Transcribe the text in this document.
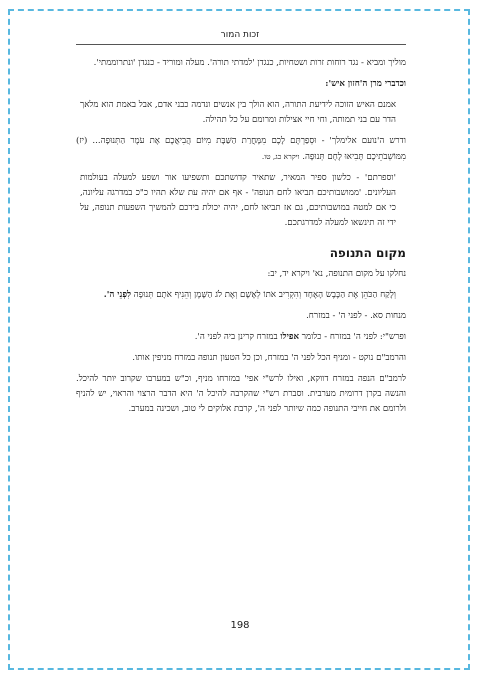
זכות המור

מוליך ומביא - נגד רוחות זרות ושטחיות, כנגדן 'למדתי תורה'. מעלה ומוריד - כנגדן 'ונתרוממתי'.

וכדברי מרן ה'חזון איש':

אמנם האיש הזוכה לידיעת התורה, הוא הולך בין אנשים ונדמה כבני אדם, אבל באמת הוא מלאך הדר עם בני תמותה, וחי חיי אצילות ומרומם על כל תהילה.

ודרש ה'נועם אלימלך' - וּסְפַרְתֶּם לָכֶם מִמָּחֳרַת הַשַּׁבָּת מִיּוֹם הֲבִיאֲכֶם אֶת עֹמֶר הַתְּנוּפָה... (יז) מִמּוֹשְׁבֹתֵיכֶם תָּבִיאוּ לֶחֶם תְּנוּפָה. ויקרא כג, טו.

'וספרתם' - כלשון ספיר המאיר, שתאיר קדושתכם ותשפיעו אור ושפע למעלה בעולמות העליונים. 'ממושבותיכם תביאו לחם תנופה' - אף אם יהיה עת שלא תהיו כ"כ במדרגה עליונה, כי אם למטה במושבותיכם, גם אז תביאו לחם, יהיה יכולת בידכם להמשיך השפעות תנופה, על ידי זה תינשאו למעלה למדרגתכם.

מקום התנופה

נחלקו על מקום התנופה, נא' ויקרא יד, יב:

וְלָקַח הַכֹּהֵן אֶת הַכֶּבֶשׂ הָאֶחָד וְהִקְרִיב אֹתוֹ לְאָשָׁם וְאֶת לֹג הַשָּׁמֶן וְהֵנִיף אֹתָם תְּנוּפָה לִפְנֵי ה'.

מנחות סא. - לפני ה' - במזרח.

ופרש"י: לפני ה' במזרח - כלומר אפילו במזרח קרינן ביה לפני ה'.

והרמב"ם נוקט - ומניף הכל לפני ה' במזרח, וכן כל הטעון תנופה במזרח מניפין אותו.

לרמב"ם הנפה במזרח דווקא, ואילו לרש"י אפי' במזרחו מניף, וכ"ש במערבו שקרוב יותר להיכל. והנשה בקרן דרומית מערבית. וסברת רש"י שהקרבה להיכל ה' היא הדבר הרצוי והראוי, יש להניף ולרומם את חייבי התנופה כמה שיותר לפני ה', קרבת אלוקים לי טוב, ושכינה במערב.

198
